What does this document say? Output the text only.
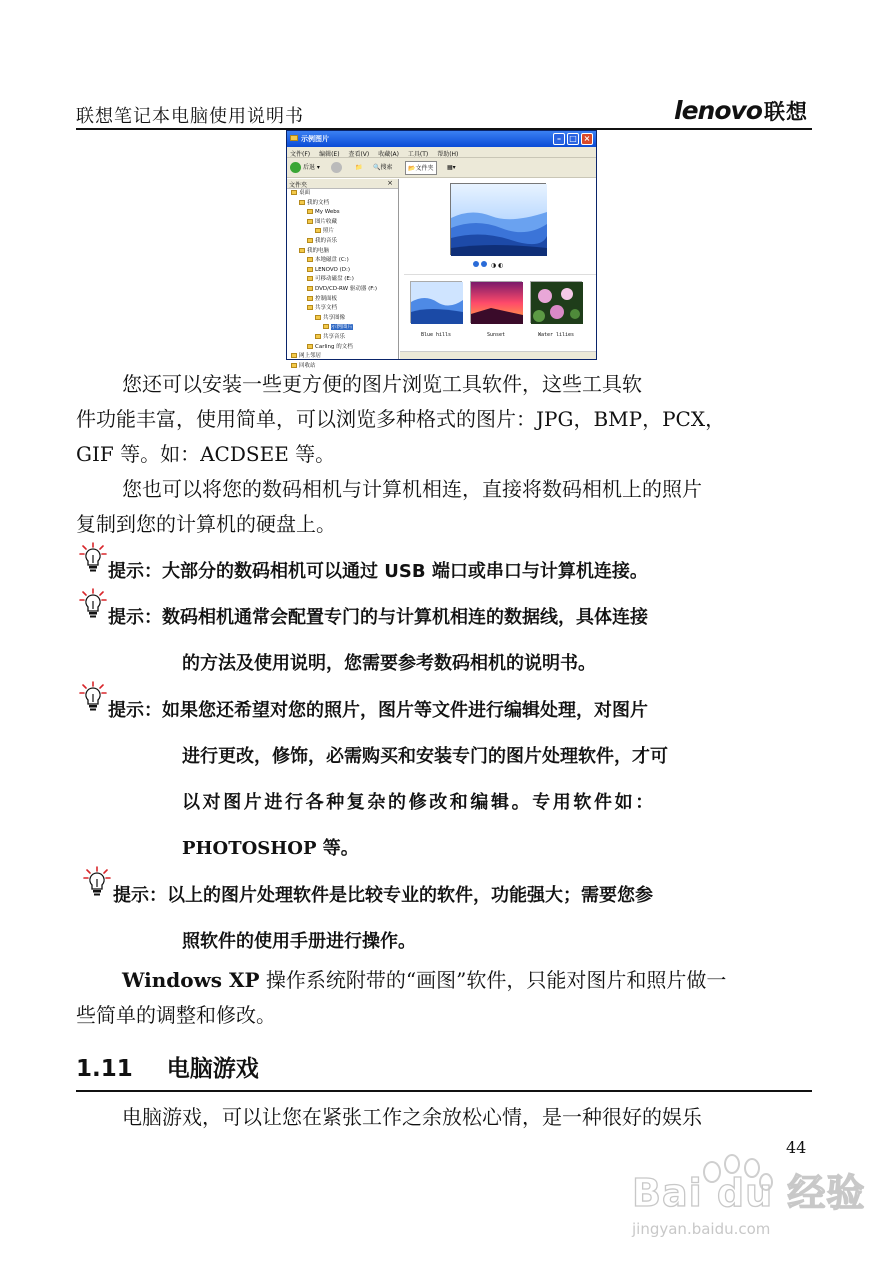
联想笔记本电脑使用说明书	lenovo联想
示例图片	–	□ ×
文件(F) 编辑(E) 查看(V) 收藏(A) 工具(T) 帮助(H)
后退 ▾	📁 🔍搜索	📂文件夹	▦▾
文件夹	×
桌面
我的文档
My Webs
图片收藏
照片
我的音乐
我的电脑
本地磁盘 (C:)
LENOVO (D:)
可移动磁盘 (E:)
DVD/CD-RW 驱动器 (F:)
控制面板
共享文档
共享图像
示例图片
共享音乐
Carling 的文档
网上邻居
回收站
◑ ◐
Blue hills	Sunset	Water lilies
您还可以安装一些更方便的图片浏览工具软件，这些工具软
件功能丰富，使用简单，可以浏览多种格式的图片：JPG，BMP，PCX，
GIF 等。如：ACDSEE 等。
您也可以将您的数码相机与计算机相连，直接将数码相机上的照片
复制到您的计算机的硬盘上。
提示：大部分的数码相机可以通过 USB 端口或串口与计算机连接。
提示：数码相机通常会配置专门的与计算机相连的数据线，具体连接
的方法及使用说明，您需要参考数码相机的说明书。
提示：如果您还希望对您的照片，图片等文件进行编辑处理，对图片
进行更改，修饰，必需购买和安装专门的图片处理软件，才可
以对图片进行各种复杂的修改和编辑。专用软件如：
PHOTOSHOP 等。
提示：以上的图片处理软件是比较专业的软件，功能强大；需要您参
照软件的使用手册进行操作。
Windows XP 操作系统附带的“画图”软件，只能对图片和照片做一
些简单的调整和修改。
1.11 电脑游戏
电脑游戏，可以让您在紧张工作之余放松心情，是一种很好的娱乐
44
Bai du 经验
jingyan.baidu.com
